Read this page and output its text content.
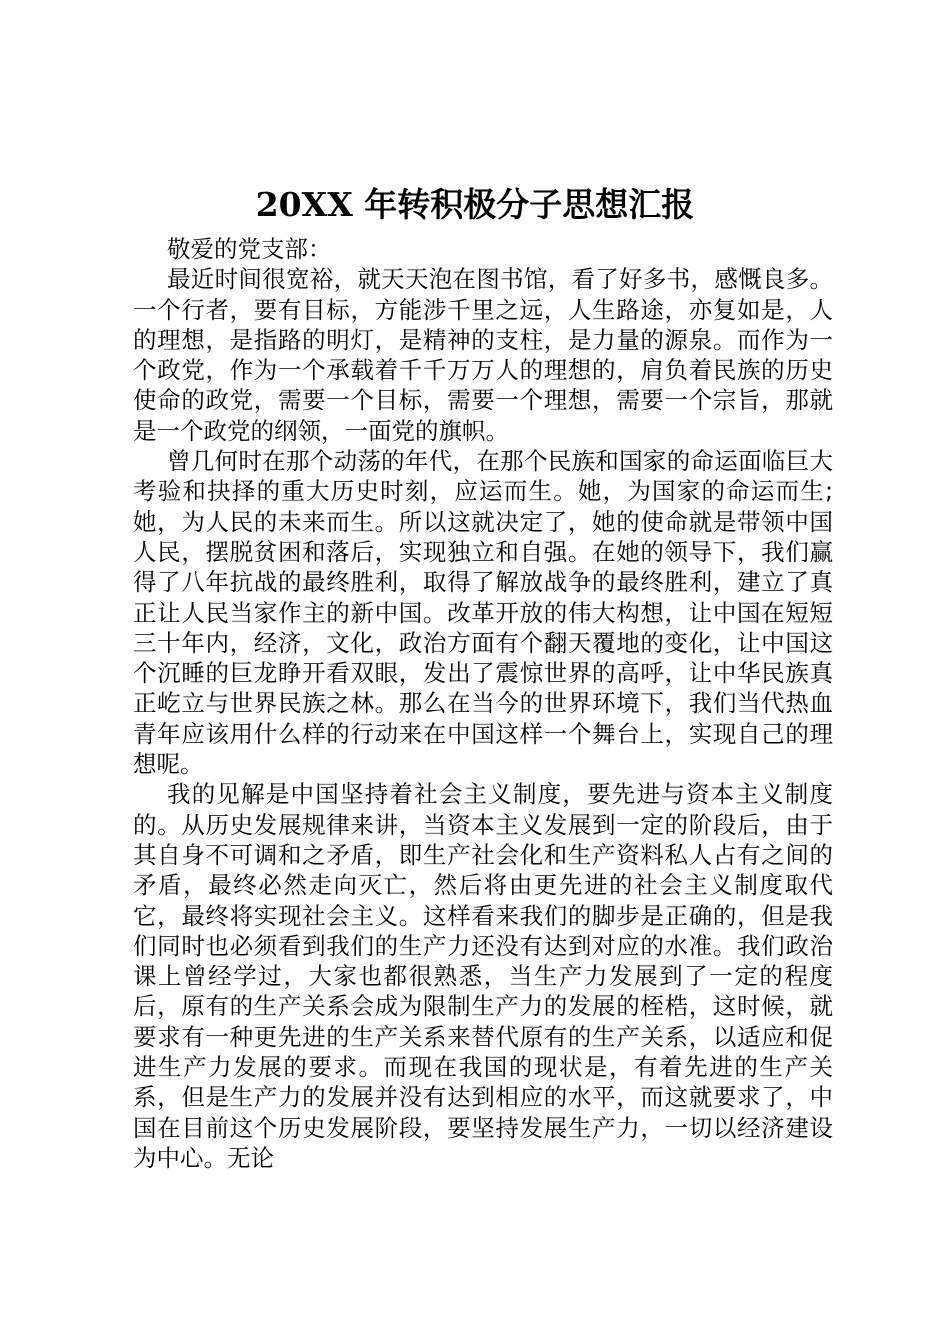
20XX 年转积极分子思想汇报

敬爱的党支部：

最近时间很宽裕，就天天泡在图书馆，看了好多书，感慨良多。一个行者，要有目标，方能涉千里之远，人生路途，亦复如是，人的理想，是指路的明灯，是精神的支柱，是力量的源泉。而作为一个政党，作为一个承载着千千万万人的理想的，肩负着民族的历史使命的政党，需要一个目标，需要一个理想，需要一个宗旨，那就是一个政党的纲领，一面党的旗帜。

曾几何时在那个动荡的年代，在那个民族和国家的命运面临巨大考验和抉择的重大历史时刻，应运而生。她，为国家的命运而生;她，为人民的未来而生。所以这就决定了，她的使命就是带领中国人民，摆脱贫困和落后，实现独立和自强。在她的领导下，我们赢得了八年抗战的最终胜利，取得了解放战争的最终胜利，建立了真正让人民当家作主的新中国。改革开放的伟大构想，让中国在短短三十年内，经济，文化，政治方面有个翻天覆地的变化，让中国这个沉睡的巨龙睁开看双眼，发出了震惊世界的高呼，让中华民族真正屹立与世界民族之林。那么在当今的世界环境下，我们当代热血青年应该用什么样的行动来在中国这样一个舞台上，实现自己的理想呢。

我的见解是中国坚持着社会主义制度，要先进与资本主义制度的。从历史发展规律来讲，当资本主义发展到一定的阶段后，由于其自身不可调和之矛盾，即生产社会化和生产资料私人占有之间的矛盾，最终必然走向灭亡，然后将由更先进的社会主义制度取代它，最终将实现社会主义。这样看来我们的脚步是正确的，但是我们同时也必须看到我们的生产力还没有达到对应的水准。我们政治课上曾经学过，大家也都很熟悉，当生产力发展到了一定的程度后，原有的生产关系会成为限制生产力的发展的桎梏，这时候，就要求有一种更先进的生产关系来替代原有的生产关系，以适应和促进生产力发展的要求。而现在我国的现状是，有着先进的生产关系，但是生产力的发展并没有达到相应的水平，而这就要求了，中国在目前这个历史发展阶段，要坚持发展生产力，一切以经济建设为中心。无论
